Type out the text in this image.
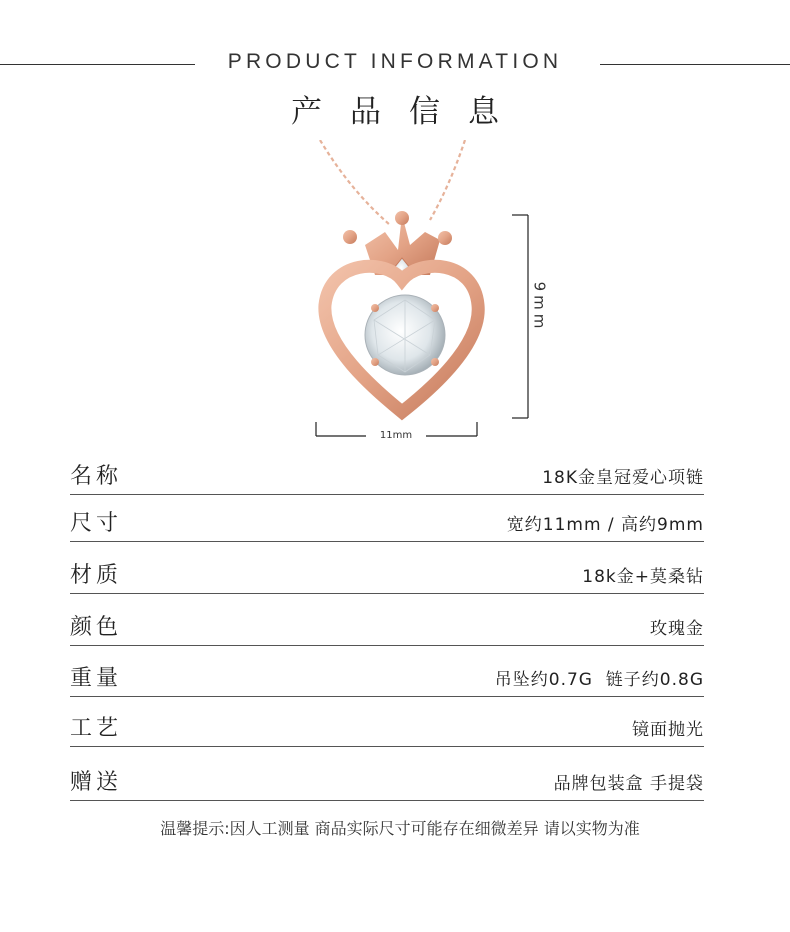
PRODUCT INFORMATION
产品信息
11mm
9mm
名称	18K金皇冠爱心项链
尺寸	宽约11mm / 高约9mm
材质	18k金+莫桑钻
颜色	玫瑰金
重量	吊坠约0.7G  链子约0.8G
工艺	镜面抛光
赠送	品牌包装盒 手提袋
温馨提示:因人工测量 商品实际尺寸可能存在细微差异 请以实物为准
